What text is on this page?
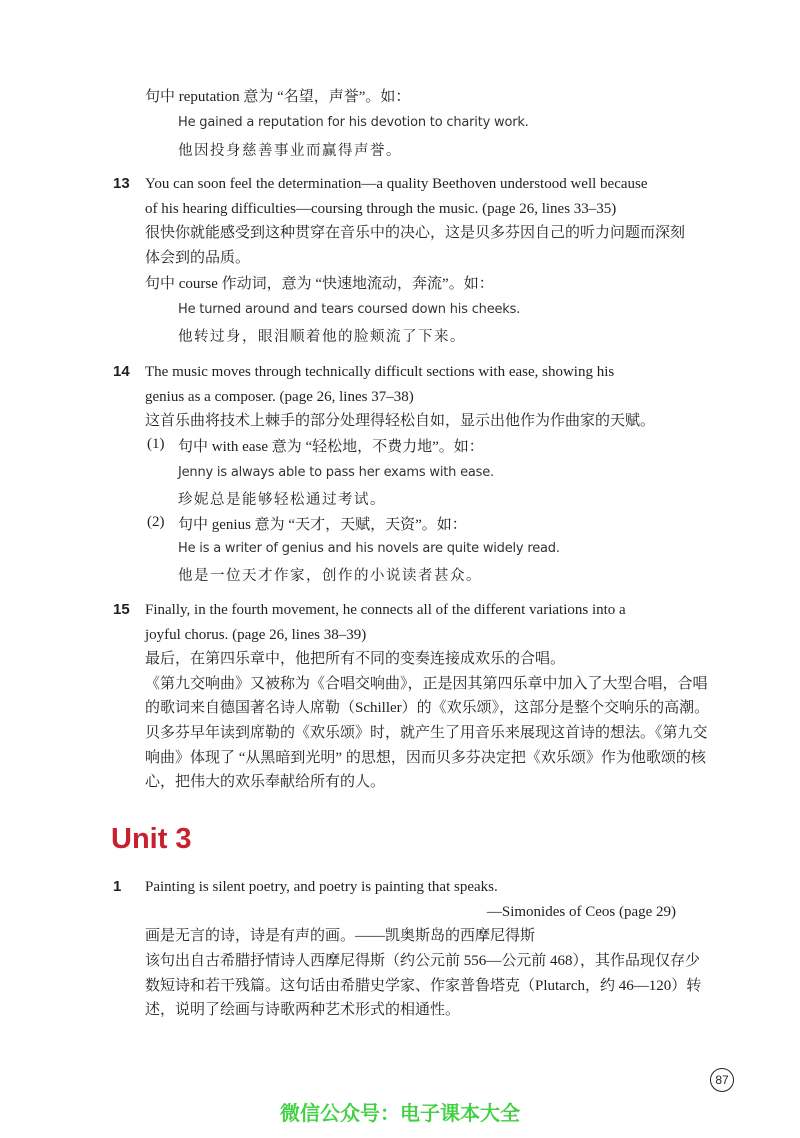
句中 reputation 意为 “名望，声誉”。如：
He gained a reputation for his devotion to charity work.
他因投身慈善事业而赢得声誉。
13 You can soon feel the determination—a quality Beethoven understood well because
of his hearing difficulties—coursing through the music. (page 26, lines 33–35)
很快你就能感受到这种贯穿在音乐中的决心，这是贝多芬因自己的听力问题而深刻
体会到的品质。
句中 course 作动词，意为 “快速地流动，奔流”。如：
He turned around and tears coursed down his cheeks.
他转过身，眼泪顺着他的脸颊流了下来。
14 The music moves through technically difficult sections with ease, showing his
genius as a composer. (page 26, lines 37–38)
这首乐曲将技术上棘手的部分处理得轻松自如，显示出他作为作曲家的天赋。
(1) 句中 with ease 意为 “轻松地，不费力地”。如：
Jenny is always able to pass her exams with ease.
珍妮总是能够轻松通过考试。
(2) 句中 genius 意为 “天才，天赋，天资”。如：
He is a writer of genius and his novels are quite widely read.
他是一位天才作家，创作的小说读者甚众。
15 Finally, in the fourth movement, he connects all of the different variations into a
joyful chorus. (page 26, lines 38–39)
最后，在第四乐章中，他把所有不同的变奏连接成欢乐的合唱。
《第九交响曲》又被称为《合唱交响曲》，正是因其第四乐章中加入了大型合唱，合唱
的歌词来自德国著名诗人席勒（Schiller）的《欢乐颂》，这部分是整个交响乐的高潮。
贝多芬早年读到席勒的《欢乐颂》时，就产生了用音乐来展现这首诗的想法。《第九交
响曲》体现了 “从黑暗到光明” 的思想，因而贝多芬决定把《欢乐颂》作为他歌颂的核
心，把伟大的欢乐奉献给所有的人。
Unit 3
1 Painting is silent poetry, and poetry is painting that speaks.
—Simonides of Ceos (page 29)
画是无言的诗，诗是有声的画。——凯奥斯岛的西摩尼得斯
该句出自古希腊抒情诗人西摩尼得斯（约公元前 556—公元前 468），其作品现仅存少
数短诗和若干残篇。这句话由希腊史学家、作家普鲁塔克（Plutarch，约 46—120）转
述，说明了绘画与诗歌两种艺术形式的相通性。
87
微信公众号：电子课本大全
